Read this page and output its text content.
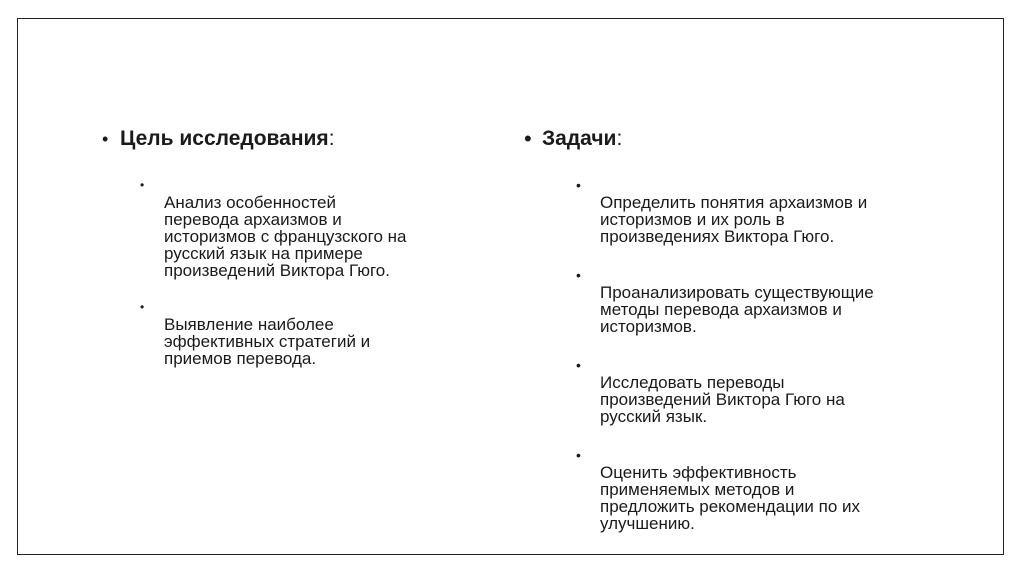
• Цель исследования:

•
Анализ особенностей
перевода архаизмов и
историзмов с французского на
русский язык на примере
произведений Виктора Гюго.

•
Выявление наиболее
эффективных стратегий и
приемов перевода.

• Задачи:

•
Определить понятия архаизмов и
историзмов и их роль в
произведениях Виктора Гюго.

•
Проанализировать существующие
методы перевода архаизмов и
историзмов.

•
Исследовать переводы
произведений Виктора Гюго на
русский язык.

•
Оценить эффективность
применяемых методов и
предложить рекомендации по их
улучшению.
